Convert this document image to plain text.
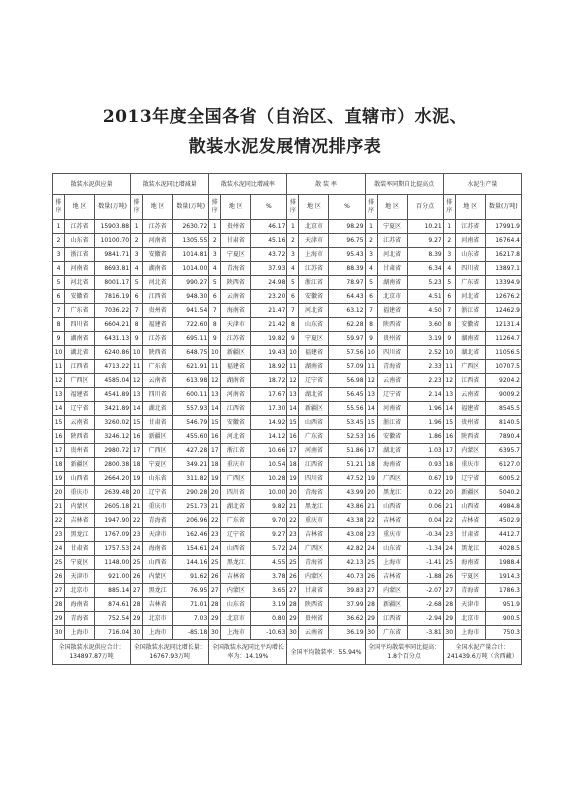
2013年度全国各省（自治区、直辖市）水泥、
散装水泥发展情况排序表
散装水泥供应量			散装水泥同比增减量			散装水泥同比增减率			散 装 率			散装率同期自比提高点			水泥生产量		
排序	地 区	数量(万吨)	排序	地 区	数量(万吨)	排序	地 区	%	排序	地 区	%	排序	地 区	百分点	排序	地 区	数量(万吨)
1	江苏省	15903.88	1	江苏省	2630.72	1	贵州省	46.17	1	北京市	98.29	1	宁夏区	10.21	1	江苏省	17991.9
2	山东省	10100.70	2	河南省	1305.55	2	甘肃省	45.16	2	天津市	96.75	2	江苏省	9.27	2	河南省	16764.4
3	浙江省	9841.71	3	安徽省	1014.81	3	宁夏区	43.72	3	上海市	95.43	3	河北省	8.39	3	山东省	16217.8
4	河南省	8693.81	4	湖南省	1014.00	4	青海省	37.93	4	江苏省	88.39	4	甘肃省	6.34	4	四川省	13897.1
5	河北省	8001.17	5	河北省	990.27	5	陕西省	24.98	5	浙江省	78.97	5	湖南省	5.23	5	广东省	13394.9
6	安徽省	7816.19	6	江西省	948.30	6	云南省	23.20	6	安徽省	64.43	6	北京市	4.51	6	河北省	12676.2
7	广东省	7036.22	7	贵州省	941.54	7	海南省	21.47	7	河北省	63.12	7	福建省	4.50	7	浙江省	12462.9
8	四川省	6604.21	8	福建省	722.60	8	天津市	21.42	8	山东省	62.28	8	陕西省	3.60	8	安徽省	12131.4
9	湖南省	6431.13	9	江苏省	695.11	9	江苏省	19.82	9	宁夏区	59.97	9	贵州省	3.19	9	湖南省	11264.7
10	湖北省	6240.86	10	陕西省	648.75	10	新疆区	19.43	10	福建省	57.56	10	四川省	2.52	10	湖北省	11056.5
11	江西省	4713.22	11	广东省	621.91	11	福建省	18.92	11	湖南省	57.09	11	青海省	2.33	11	广西区	10707.5
12	广西区	4585.04	12	云南省	613.98	12	湖南省	18.72	12	辽宁省	56.98	12	云南省	2.23	12	江西省	9204.2
13	福建省	4541.89	13	四川省	600.11	13	河南省	17.67	13	湖北省	56.45	13	辽宁省	2.14	13	云南省	9009.2
14	辽宁省	3421.89	14	湖北省	557.93	14	江西省	17.30	14	新疆区	55.56	14	河南省	1.96	14	福建省	8545.5
15	云南省	3260.02	15	甘肃省	546.79	15	安徽省	14.92	15	山西省	53.45	15	浙江省	1.96	15	贵州省	8140.5
16	陕西省	3246.12	16	新疆区	455.60	16	河北省	14.12	16	广东省	52.53	16	安徽省	1.86	16	陕西省	7890.4
17	贵州省	2980.72	17	广西区	427.28	17	浙江省	10.66	17	河南省	51.86	17	湖北省	1.03	17	内蒙区	6395.7
18	新疆区	2800.38	18	宁夏区	349.21	18	重庆市	10.54	18	江西省	51.21	18	海南省	0.93	18	重庆市	6127.0
19	山西省	2664.20	19	山东省	311.82	19	广西区	10.28	19	四川省	47.52	19	广西区	0.67	19	辽宁省	6005.2
20	重庆市	2639.48	20	辽宁省	290.28	20	四川省	10.00	20	青海省	43.99	20	黑龙江	0.22	20	新疆区	5040.2
21	内蒙区	2605.18	21	重庆市	251.73	21	湖北省	9.82	21	黑龙江	43.86	21	山西省	0.06	21	山西省	4984.8
22	吉林省	1947.90	22	青海省	206.96	22	广东省	9.70	22	重庆市	43.38	22	吉林省	0.04	22	吉林省	4502.9
23	黑龙江	1767.09	23	天津市	162.46	23	辽宁省	9.27	23	吉林省	43.08	23	重庆市	-0.34	23	甘肃省	4412.7
24	甘肃省	1757.53	24	海南省	154.61	24	山西省	5.72	24	广西区	42.82	24	山东省	-1.34	24	黑龙江	4028.5
25	宁夏区	1148.00	25	山西省	144.16	25	黑龙江	4.55	25	青海省	42.13	25	上海市	-1.41	25	海南省	1988.4
26	天津市	921.00	26	内蒙区	91.62	26	吉林省	3.78	26	内蒙区	40.73	26	吉林省	-1.88	26	宁夏区	1914.3
27	北京市	885.14	27	黑龙江	76.95	27	内蒙区	3.65	27	甘肃省	39.83	27	内蒙区	-2.07	27	青海省	1786.3
28	海南省	874.61	28	吉林省	71.01	28	山东省	3.19	28	陕西省	37.99	28	新疆区	-2.68	28	天津市	951.9
29	青海省	752.54	29	北京市	7.03	29	北京市	0.80	29	贵州省	36.62	29	江西省	-2.94	29	北京市	900.5
30	上海市	716.04	30	上海市	-85.18	30	上海市	-10.63	30	云南省	36.19	30	广东省	-3.81	30	上海市	750.3
全国散装水泥供应合计：134897.87万吨			全国散装水泥同比增长量：16767.93万吨			全国散装水泥同比平均增长率为：14.19%			全国平均散装率：55.94%			全国平均散装率同比提高：1.8个百分点			全国水泥产量合计：241439.6万吨（含西藏）		
